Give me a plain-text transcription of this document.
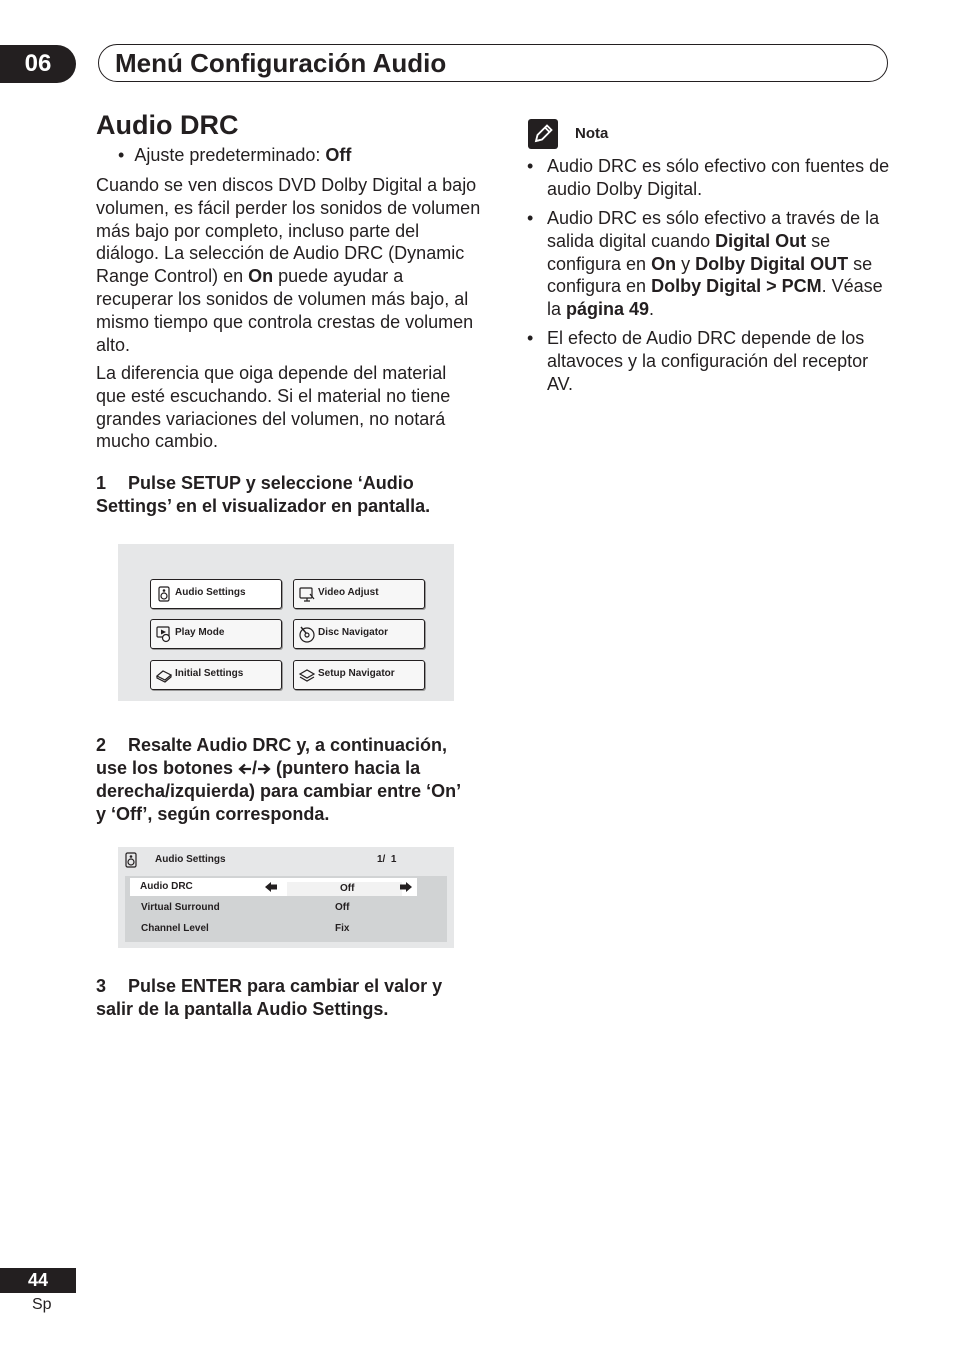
06 Menú Configuración Audio
Audio DRC
•  Ajuste predeterminado: Off

Cuando se ven discos DVD Dolby Digital a bajo volumen, es fácil perder los sonidos de volumen más bajo por completo, incluso parte del diálogo. La selección de Audio DRC (Dynamic Range Control) en On puede ayudar a recuperar los sonidos de volumen más bajo, al mismo tiempo que controla crestas de volumen alto.

La diferencia que oiga depende del material que esté escuchando. Si el material no tiene grandes variaciones del volumen, no notará mucho cambio.

1 Pulse SETUP y seleccione ‘Audio Settings’ en el visualizador en pantalla.

Audio Settings	Video Adjust
Play Mode	Disc Navigator
Initial Settings	Setup Navigator

2 Resalte Audio DRC y, a continuación, use los botones / (puntero hacia la derecha/izquierda) para cambiar entre ‘On’ y ‘Off’, según corresponda.

Audio Settings	1/  1
Audio DRC	Off
Virtual Surround	Off
Channel Level	Fix

3 Pulse ENTER para cambiar el valor y salir de la pantalla Audio Settings.

Nota

• Audio DRC es sólo efectivo con fuentes de audio Dolby Digital.

• Audio DRC es sólo efectivo a través de la salida digital cuando Digital Out se configura en On y Dolby Digital OUT se configura en Dolby Digital > PCM. Véase la página 49.

• El efecto de Audio DRC depende de los altavoces y la configuración del receptor AV.

44
Sp
